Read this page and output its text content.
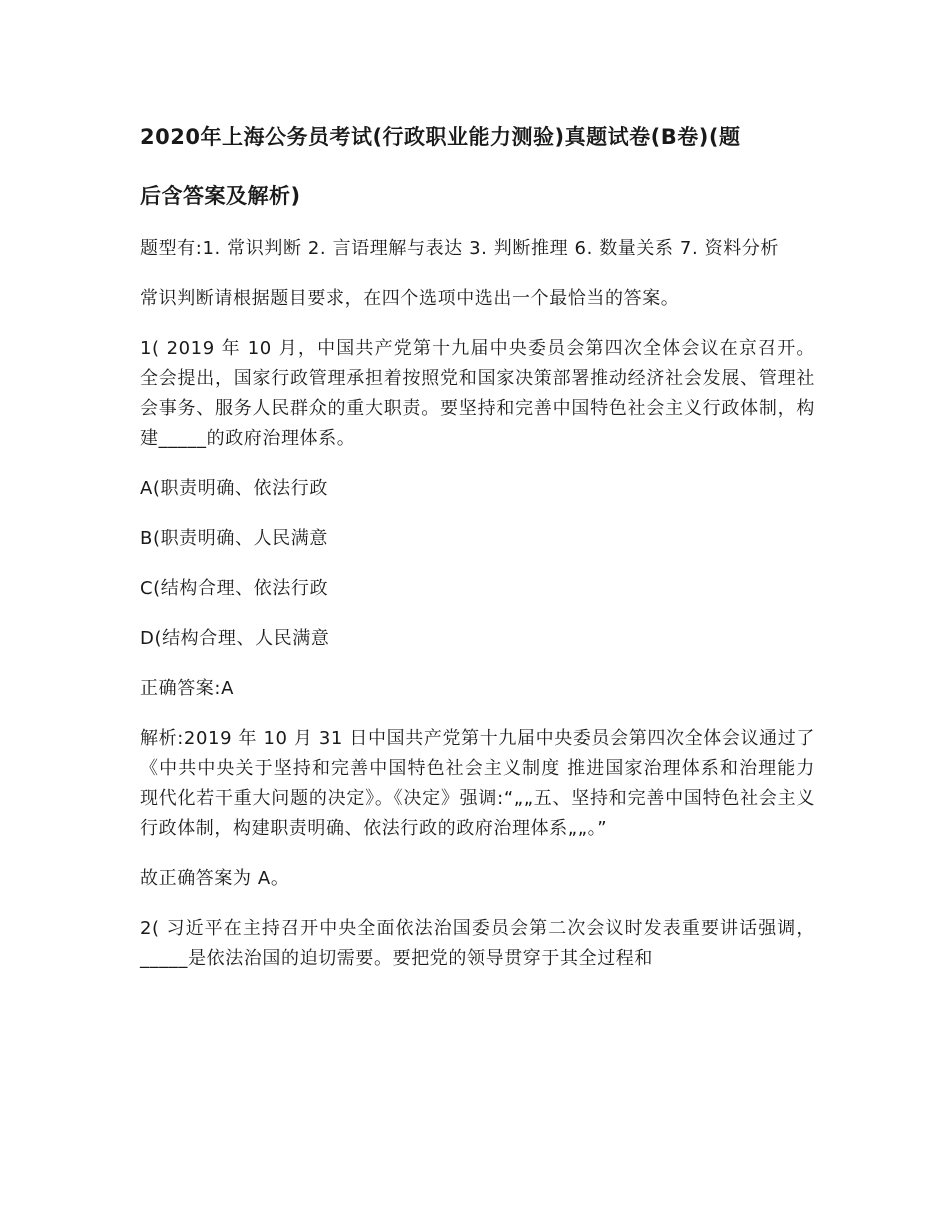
2020年上海公务员考试(行政职业能力测验)真题试卷(B卷)(题
后含答案及解析)

题型有:1. 常识判断 2. 言语理解与表达 3. 判断推理 6. 数量关系 7. 资料分析

常识判断请根据题目要求，在四个选项中选出一个最恰当的答案。

1( 2019 年 10 月，中国共产党第十九届中央委员会第四次全体会议在京召开。全会提出，国家行政管理承担着按照党和国家决策部署推动经济社会发展、管理社会事务、服务人民群众的重大职责。要坚持和完善中国特色社会主义行政体制，构建_____的政府治理体系。

A(职责明确、依法行政

B(职责明确、人民满意

C(结构合理、依法行政

D(结构合理、人民满意

正确答案:A

解析:2019 年 10 月 31 日中国共产党第十九届中央委员会第四次全体会议通过了《中共中央关于坚持和完善中国特色社会主义制度 推进国家治理体系和治理能力现代化若干重大问题的决定》。《决定》强调:“„„五、坚持和完善中国特色社会主义行政体制，构建职责明确、依法行政的政府治理体系„„。”

故正确答案为 A。

2( 习近平在主持召开中央全面依法治国委员会第二次会议时发表重要讲话强调，_____是依法治国的迫切需要。要把党的领导贯穿于其全过程和
